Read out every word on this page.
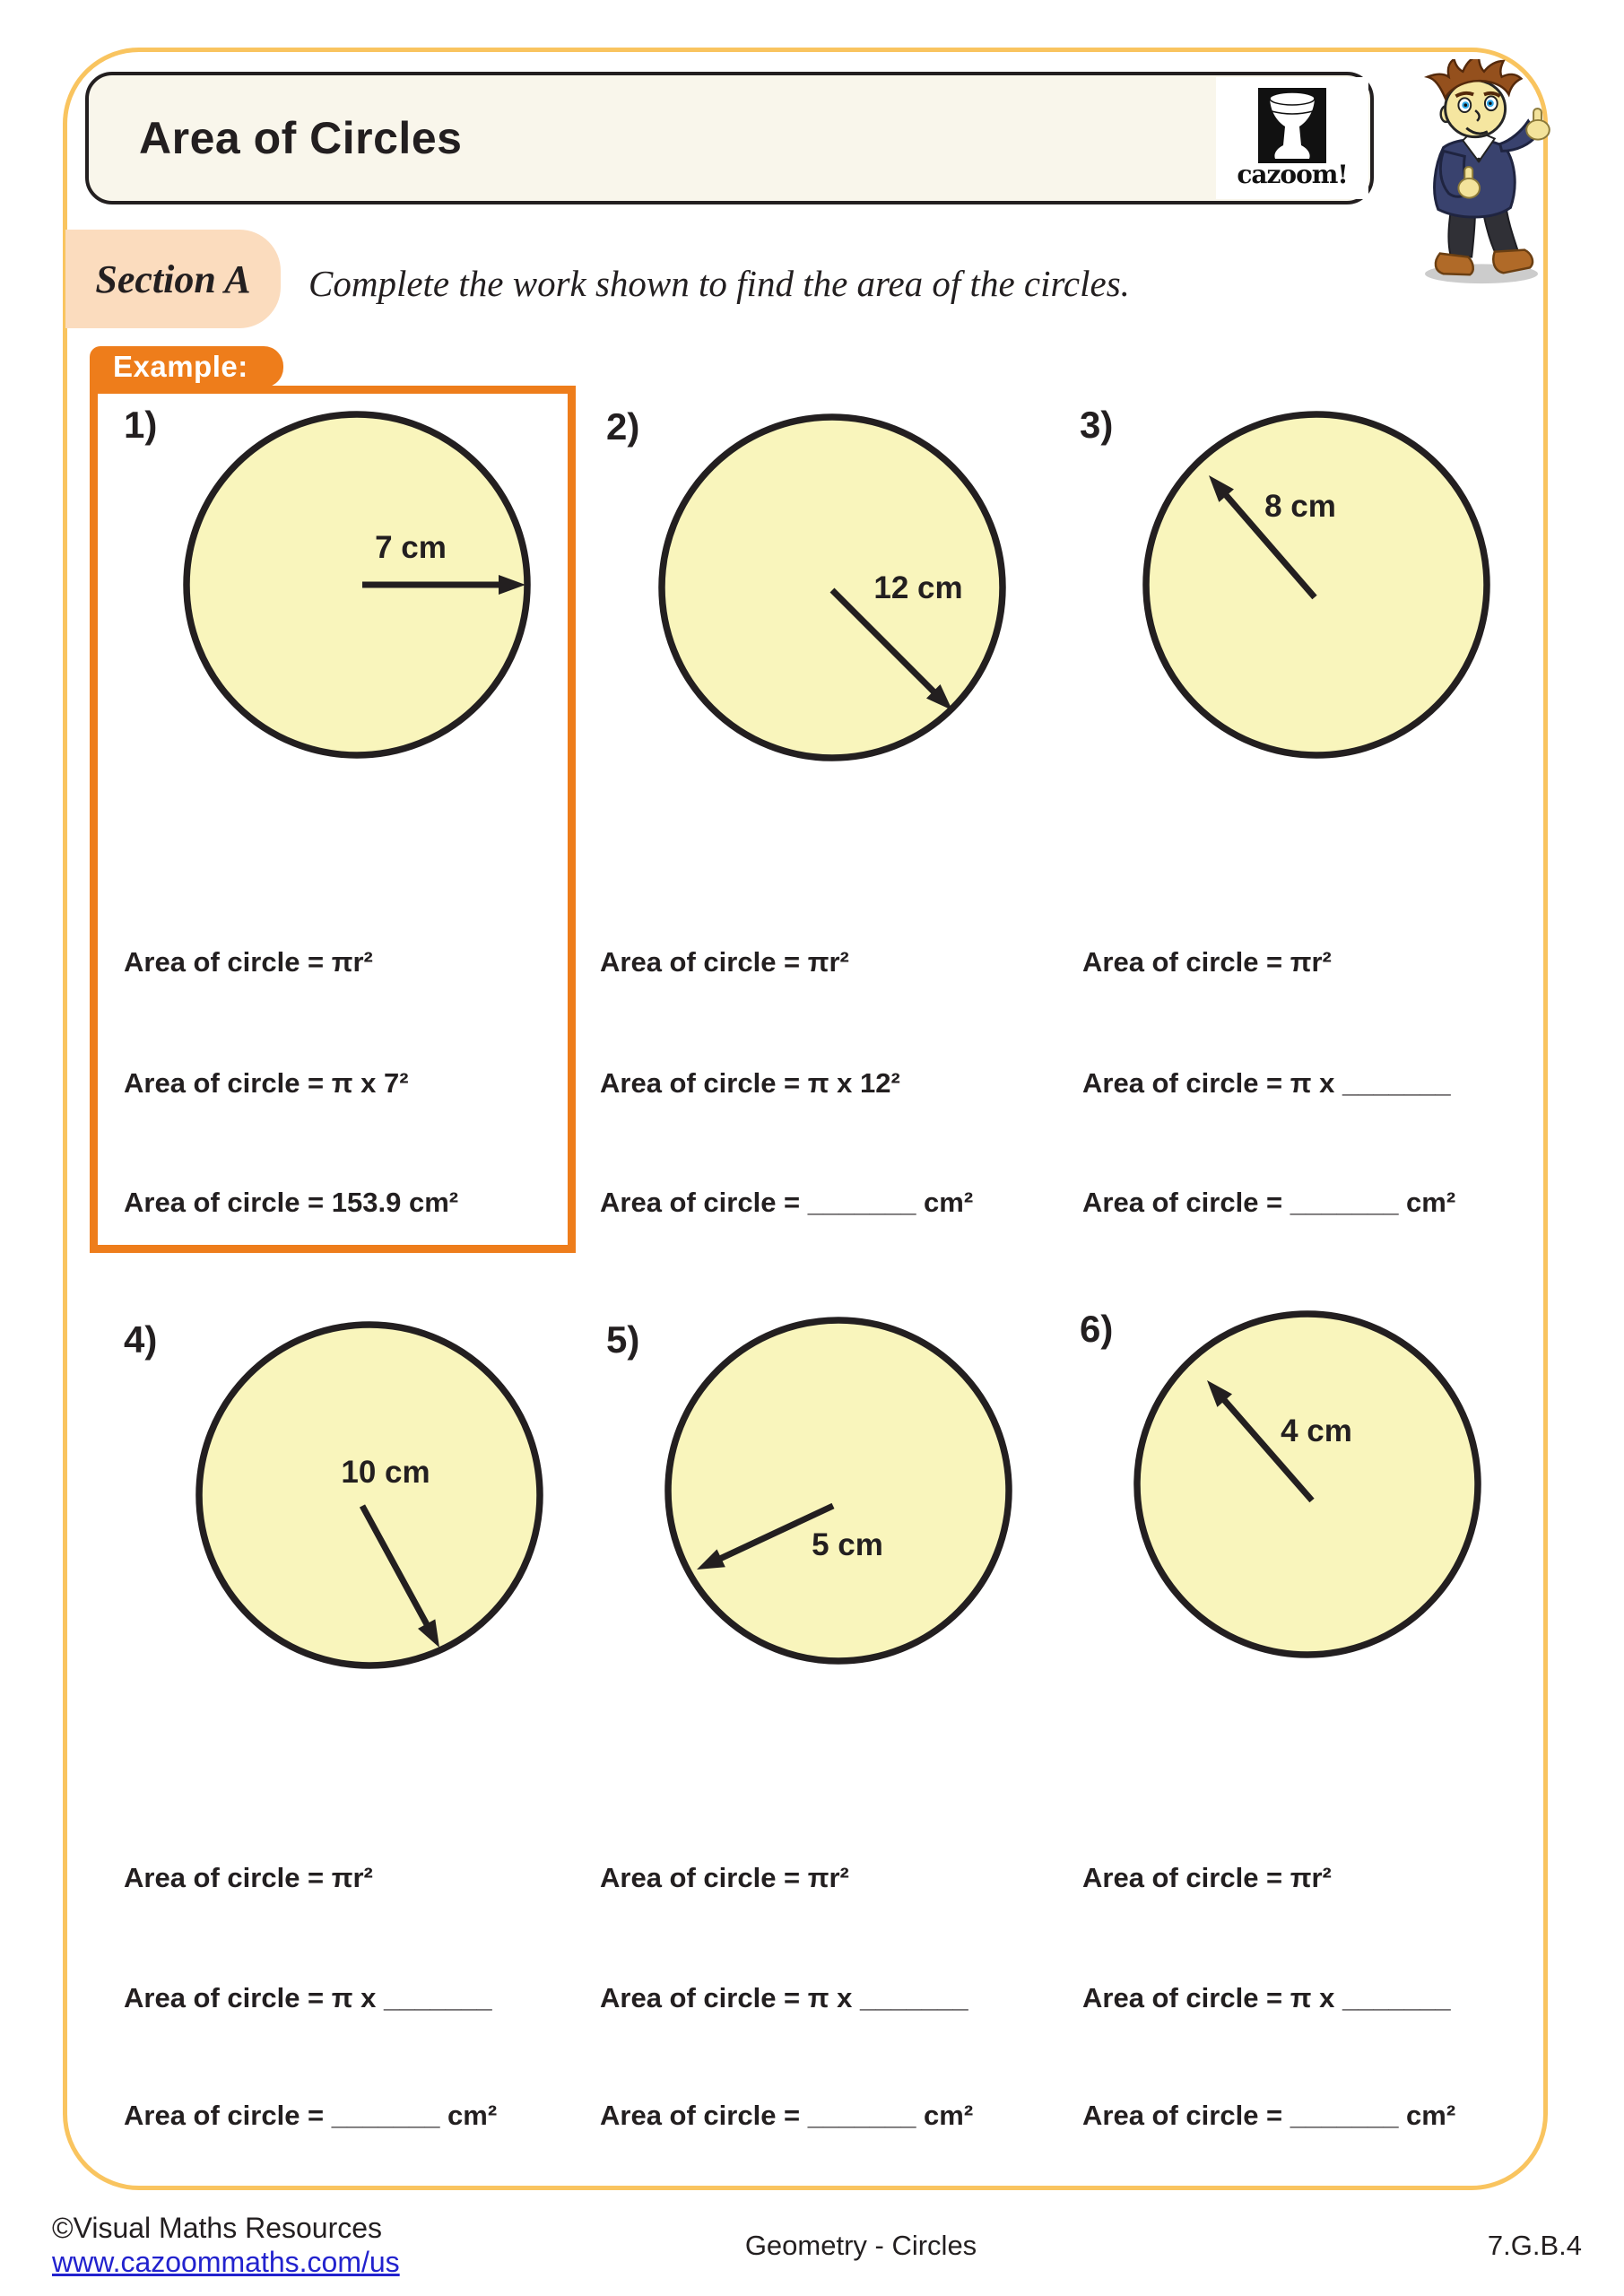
Area of Circles
cazoom!
Section A Complete the work shown to find the area of the circles.
Example:
1)	2)	3)
4)	5)	6)
7 cm
12 cm
8 cm
10 cm
5 cm
4 cm
Area of circle = πr²
Area of circle = π x 7²
Area of circle = 153.9 cm²
Area of circle = πr²
Area of circle = π x 12²
Area of circle = _______ cm²
Area of circle = πr²
Area of circle = π x _______
Area of circle = _______ cm²
Area of circle = πr²
Area of circle = π x _______
Area of circle = _______ cm²
Area of circle = πr²
Area of circle = π x _______
Area of circle = _______ cm²
Area of circle = πr²
Area of circle = π x _______
Area of circle = _______ cm²
©Visual Maths Resources
www.cazoommaths.com/us
Geometry - Circles	7.G.B.4
